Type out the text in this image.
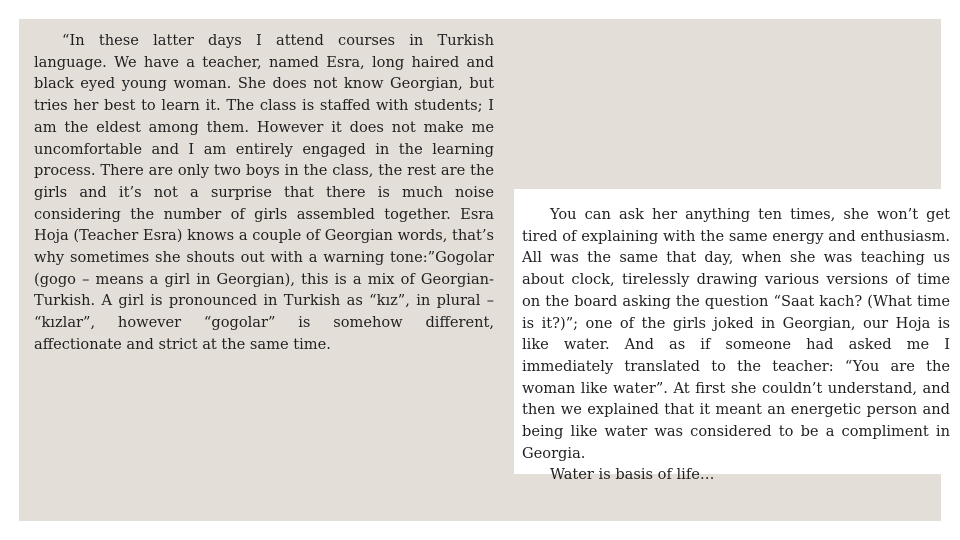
“In these latter days I attend courses in Turkish language. We have a teacher, named Esra, long haired and black eyed young woman. She does not know Georgian, but tries her best to learn it. The class is staffed with students; I am the eldest among them. However it does not make me uncomfortable and I am entirely engaged in the learning process. There are only two boys in the class, the rest are the girls and it’s not a surprise that there is much noise considering the number of girls assembled together. Esra Hoja (Teacher Esra) knows a couple of Georgian words, that’s why sometimes she shouts out with a warning tone:”Gogolar (gogo – means a girl in Georgian), this is a mix of Georgian-Turkish. A girl is pronounced in Turkish as “kız”, in plural – “kızlar”, however “gogolar” is somehow different, affectionate and strict at the same time.

You can ask her anything ten times, she won’t get tired of explaining with the same energy and enthusiasm. All was the same that day, when she was teaching us about clock, tirelessly drawing various versions of time on the board asking the question “Saat kach? (What time is it?)”; one of the girls joked in Georgian, our Hoja is like water. And as if someone had asked me I immediately translated to the teacher: “You are the woman like water”. At first she couldn’t understand, and then we explained that it meant an energetic person and being like water was considered to be a compliment in Georgia.

Water is basis of life…
